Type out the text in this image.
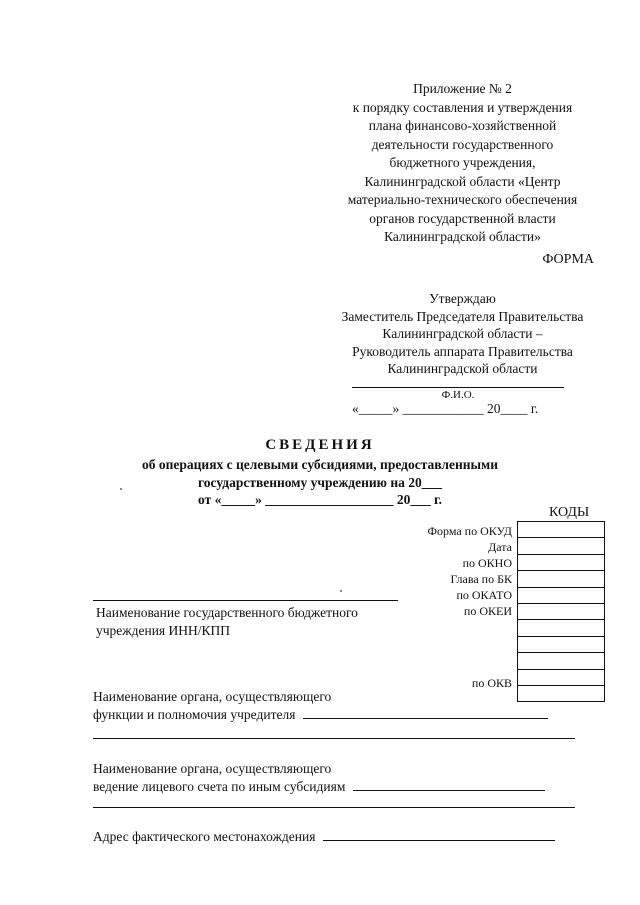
Приложение № 2
к порядку составления и утверждения
плана финансово-хозяйственной
деятельности государственного
бюджетного учреждения,
Калининградской области «Центр
материально-технического обеспечения
органов государственной власти
Калининградской области»
ФОРМА
Утверждаю
Заместитель Председателя Правительства
Калининградской области –
Руководитель аппарата Правительства
Калининградской области
Ф.И.О.
«_____» ____________ 20____ г.
СВЕДЕНИЯ
об операциях с целевыми субсидиями, предоставленными
государственному учреждению на 20___
от «_____» ___________________ 20___ г.
КОДЫ
Форма по ОКУД
Дата
по ОКНО
Глава по БК
по ОКАТО
по ОКЕИ

по ОКВ
Наименование государственного бюджетного
учреждения ИНН/КПП
Наименование органа, осуществляющего
функции и полномочия учредителя
Наименование органа, осуществляющего
ведение лицевого счета по иным субсидиям
Адрес фактического местонахождения
